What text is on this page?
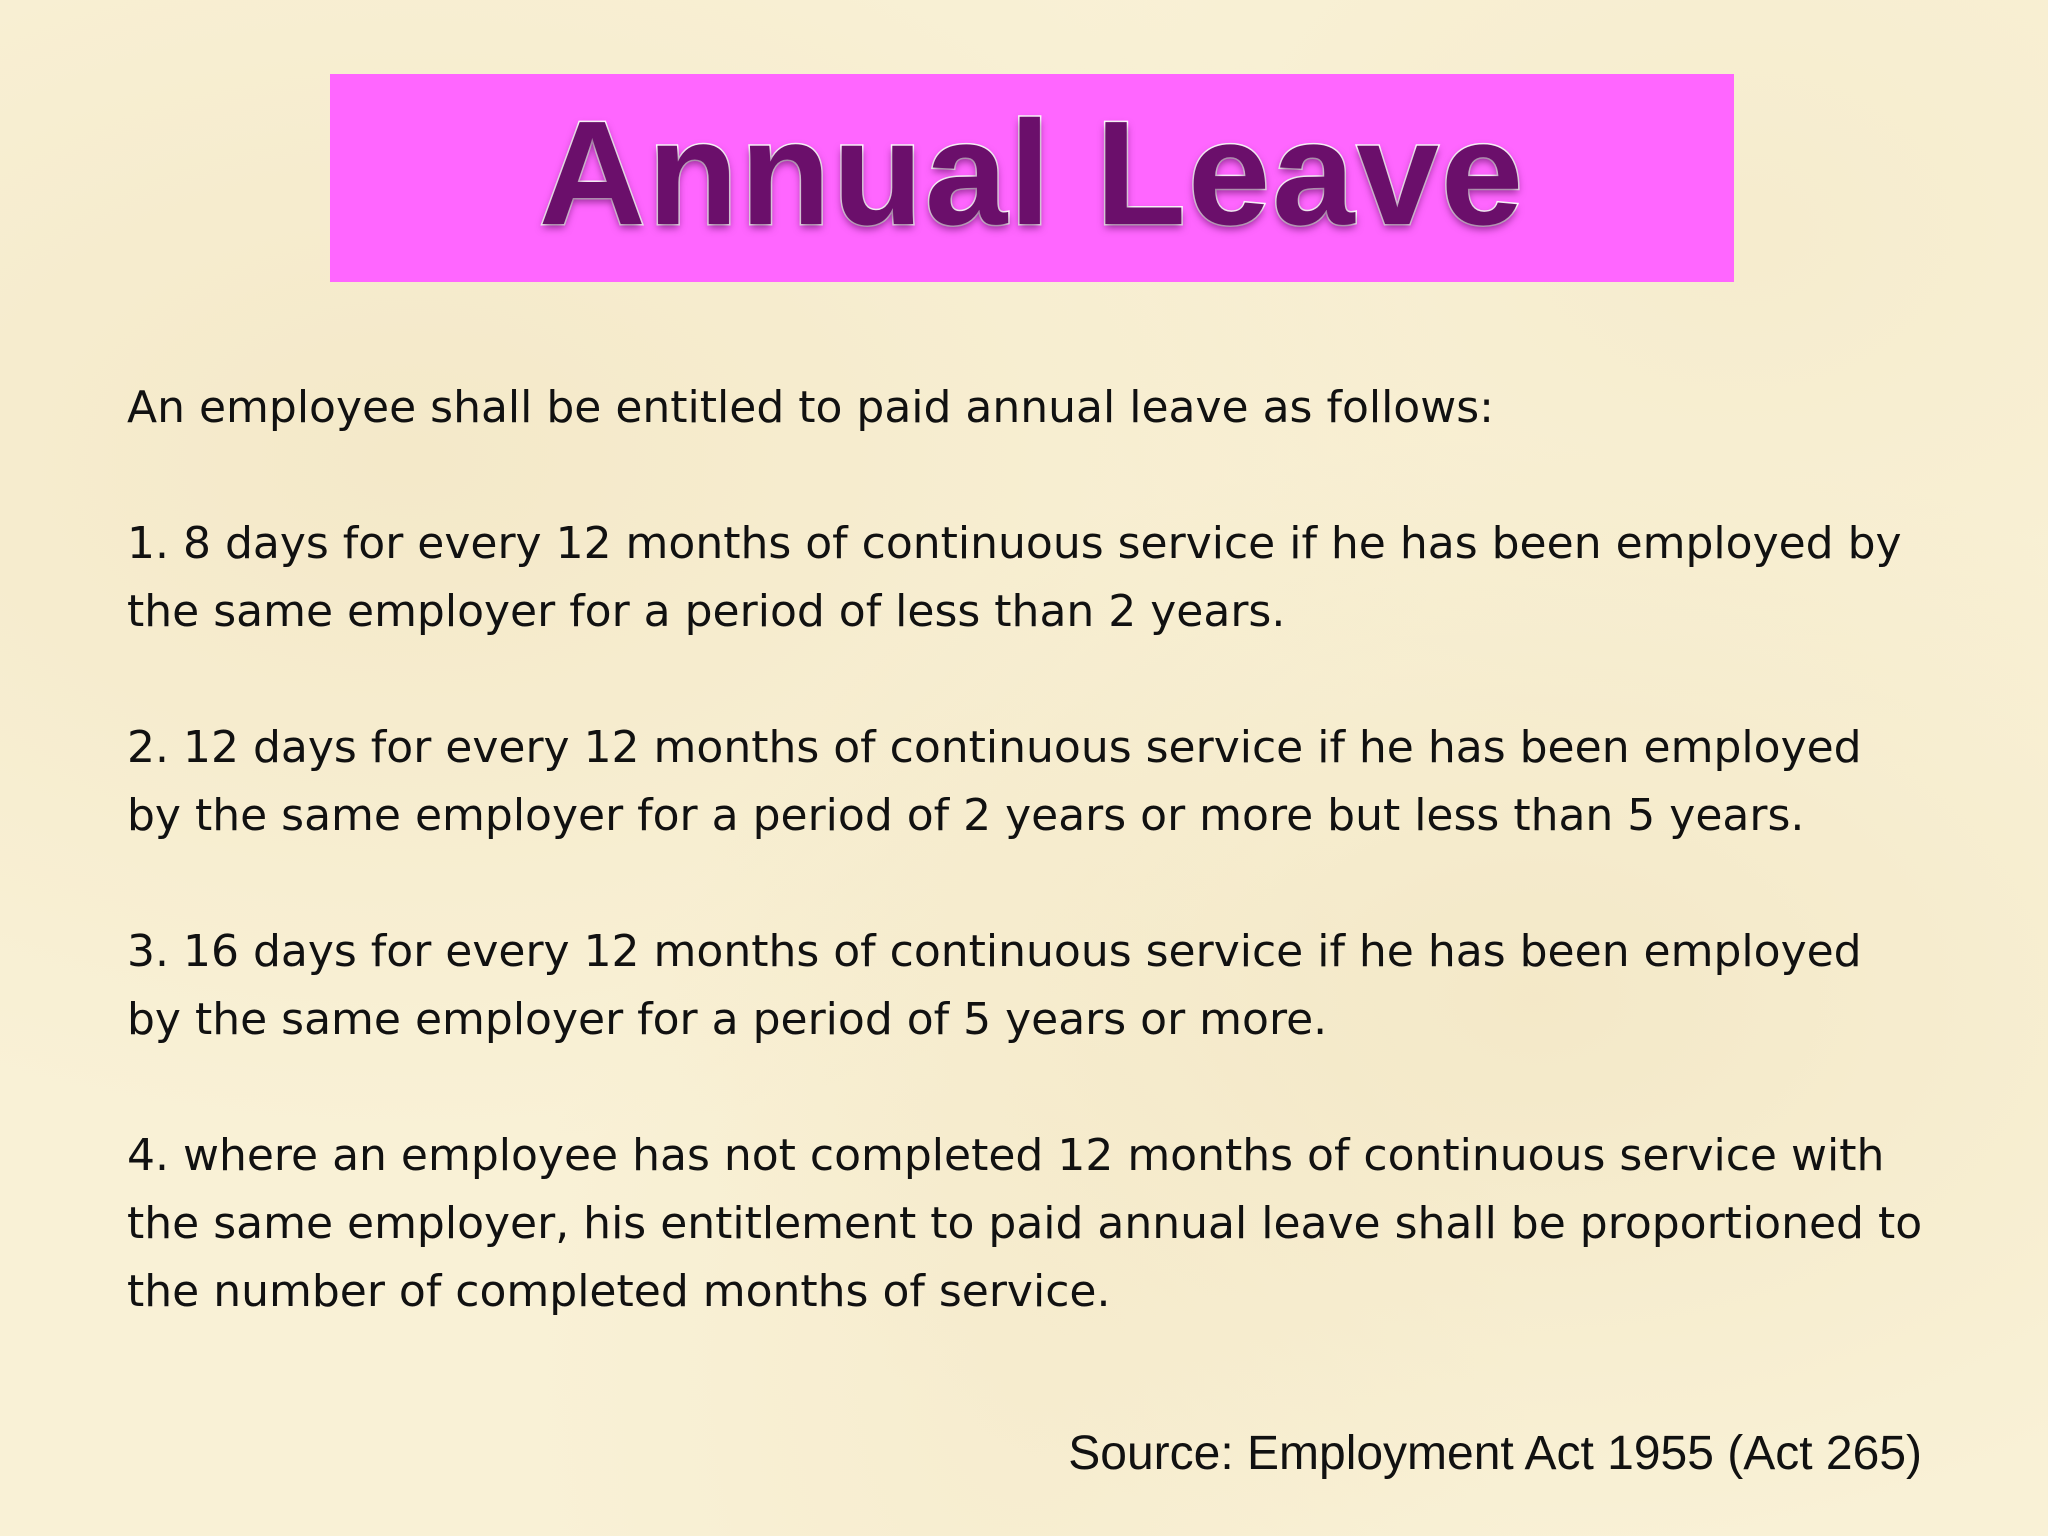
Annual Leave

An employee shall be entitled to paid annual leave as follows:

1. 8 days for every 12 months of continuous service if he has been employed by the same employer for a period of less than 2 years.

2. 12 days for every 12 months of continuous service if he has been employed by the same employer for a period of 2 years or more but less than 5 years.

3. 16 days for every 12 months of continuous service if he has been employed by the same employer for a period of 5 years or more.

4. where an employee has not completed 12 months of continuous service with the same employer, his entitlement to paid annual leave shall be proportioned to the number of completed months of service.

Source: Employment Act 1955 (Act 265)
